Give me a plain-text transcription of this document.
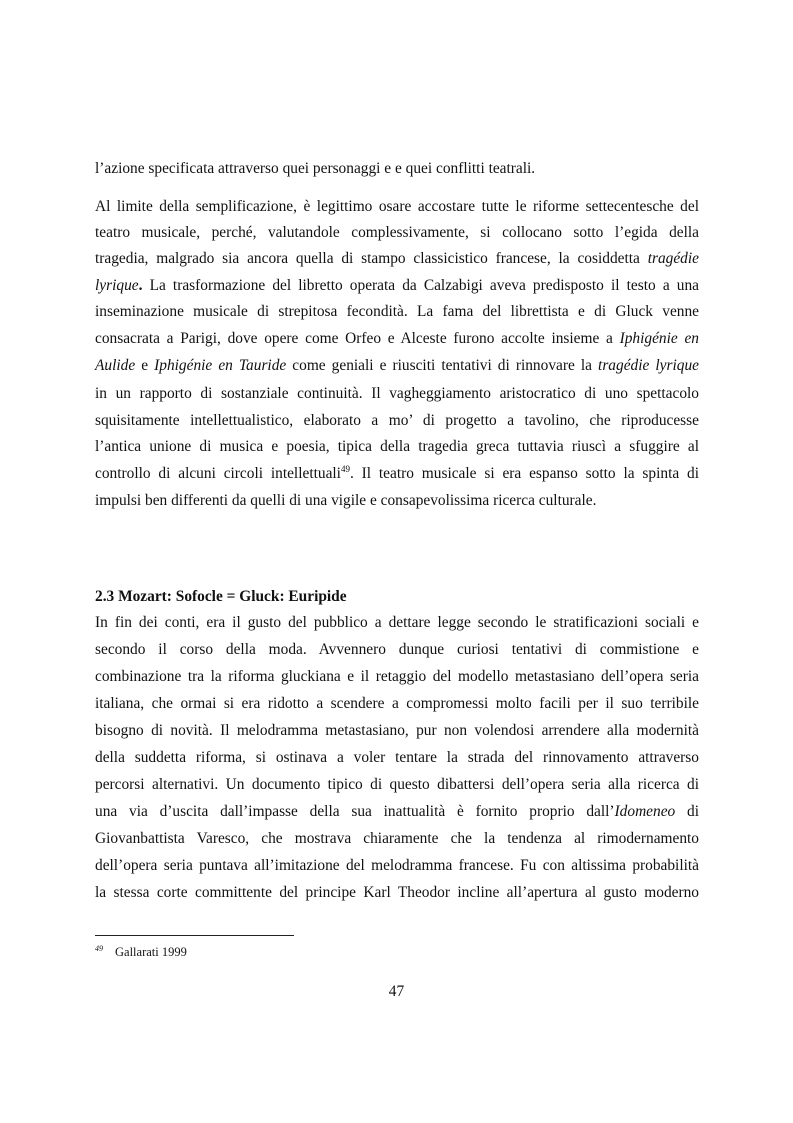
l’azione specificata attraverso quei personaggi e e quei conflitti teatrali.
Al limite della semplificazione, è legittimo osare accostare tutte le riforme settecentesche del
teatro musicale, perché, valutandole complessivamente, si collocano sotto l’egida della
tragedia, malgrado sia ancora quella di stampo classicistico francese, la cosiddetta tragédie
lyrique. La trasformazione del libretto operata da Calzabigi aveva predisposto il testo a una
inseminazione musicale di strepitosa fecondità. La fama del librettista e di Gluck venne
consacrata a Parigi, dove opere come Orfeo e Alceste furono accolte insieme a Iphigénie en
Aulide e Iphigénie en Tauride come geniali e riusciti tentativi di rinnovare la tragédie lyrique
in un rapporto di sostanziale continuità. Il vagheggiamento aristocratico di uno spettacolo
squisitamente intellettualistico, elaborato a mo’ di progetto a tavolino, che riproducesse
l’antica unione di musica e poesia, tipica della tragedia greca tuttavia riuscì a sfuggire al
controllo di alcuni circoli intellettuali$^{49}$. Il teatro musicale si era espanso sotto la spinta di
impulsi ben differenti da quelli di una vigile e consapevolissima ricerca culturale.
2.3 Mozart: Sofocle = Gluck: Euripide
In fin dei conti, era il gusto del pubblico a dettare legge secondo le stratificazioni sociali e
secondo il corso della moda. Avvennero dunque curiosi tentativi di commistione e
combinazione tra la riforma gluckiana e il retaggio del modello metastasiano dell’opera seria
italiana, che ormai si era ridotto a scendere a compromessi molto facili per il suo terribile
bisogno di novità. Il melodramma metastasiano, pur non volendosi arrendere alla modernità
della suddetta riforma, si ostinava a voler tentare la strada del rinnovamento attraverso
percorsi alternativi. Un documento tipico di questo dibattersi dell’opera seria alla ricerca di
una via d’uscita dall’impasse della sua inattualità è fornito proprio dall’Idomeneo di
Giovanbattista Varesco, che mostrava chiaramente che la tendenza al rimodernamento
dell’opera seria puntava all’imitazione del melodramma francese. Fu con altissima probabilità
la stessa corte committente del principe Karl Theodor incline all’apertura al gusto moderno
$^{49}$ Gallarati 1999
47
